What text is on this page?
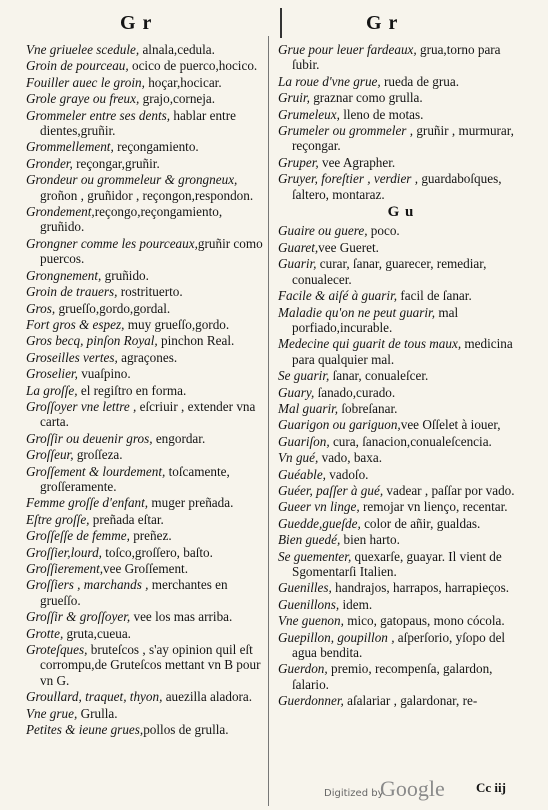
G r	G r
Vne griuelee scedule, alnala,cedula.
Groin de pourceau, ocico de puerco,hocico.
Fouiller auec le groin, hoçar,hocicar.
Grole graye ou freux, grajo,corneja.
Grommeler entre ses dents, hablar entre dientes,gruñir.
Grommellement, reçongamiento.
Gronder, reçongar,gruñir.
Grondeur ou grommeleur & grongneux, groñon , gruñidor , reçongon,respondon.
Grondement,reçongo,reçongamiento, gruñido.
Grongner comme les pourceaux,gruñir como puercos.
Grongnement, gruñido.
Groin de trauers, rostrituerto.
Gros, grueſſo,gordo,gordal.
Fort gros & espez, muy grueſſo,gordo.
Gros becq, pinſon Royal, pinchon Real.
Groseilles vertes, agraçones.
Groselier, vuaſpino.
La groſſe, el regiſtro en forma.
Groſſoyer vne lettre , eſcriuir , extender vna carta.
Groſſir ou deuenir gros, engordar.
Groſſeur, groſſeza.
Groſſement & lourdement, toſcamente, groſſeramente.
Femme groſſe d'enfant, muger preñada.
Eſtre groſſe, preñada eſtar.
Groſſeſſe de femme, preñez.
Groſſier,lourd, toſco,groſſero, baſto.
Groſſierement,vee Groſſement.
Groſſiers , marchands , merchantes en grueſſo.
Groſſir & groſſoyer, vee los mas arriba.
Grotte, gruta,cueua.
Groteſques, bruteſcos , s'ay opinion quil eſt corrompu,de Gruteſcos mettant vn B pour vn G.
Groullard, traquet, thyon, auezilla aladora.
Vne grue, Grulla.
Petites & ieune grues,pollos de grulla.
Grue pour leuer fardeaux, grua,torno para ſubir.
La roue d'vne grue, rueda de grua.
Gruir, graznar como grulla.
Grumeleux, lleno de motas.
Grumeler ou grommeler , gruñir , murmurar, reçongar.
Gruper, vee Agrapher.
Gruyer, foreſtier , verdier , guardaboſques, ſaltero, montaraz.
G u
Guaire ou guere, poco.
Guaret,vee Gueret.
Guarir, curar, ſanar, guarecer, remediar, conualecer.
Facile & aiſé à guarir, facil de ſanar.
Maladie qu'on ne peut guarir, mal porfiado,incurable.
Medecine qui guarit de tous maux, medicina para qualquier mal.
Se guarir, ſanar, conualeſcer.
Guary, ſanado,curado.
Mal guarir, ſobreſanar.
Guarigon ou gariguon,vee Oſſelet à iouer,
Guariſon, cura, ſanacion,conualeſcencia.
Vn gué, vado, baxa.
Guéable, vadoſo.
Guéer, paſſer à gué, vadear , paſſar por vado.
Gueer vn linge, remojar vn lienço, recentar.
Guedde,gueſde, color de añir, gualdas.
Bien guedé, bien harto.
Se guementer, quexarſe, guayar. Il vient de Sgomentarſi Italien.
Guenilles, handrajos, harrapos, harrapieços.
Guenillons, idem.
Vne guenon, mico, gatopaus, mono cócola.
Guepillon, goupillon , aſperſorio, yſopo del agua bendita.
Guerdon, premio, recompenſa, galardon, ſalario.
Guerdonner, aſalariar , galardonar, re-
Digitized by
Google Cc iij
